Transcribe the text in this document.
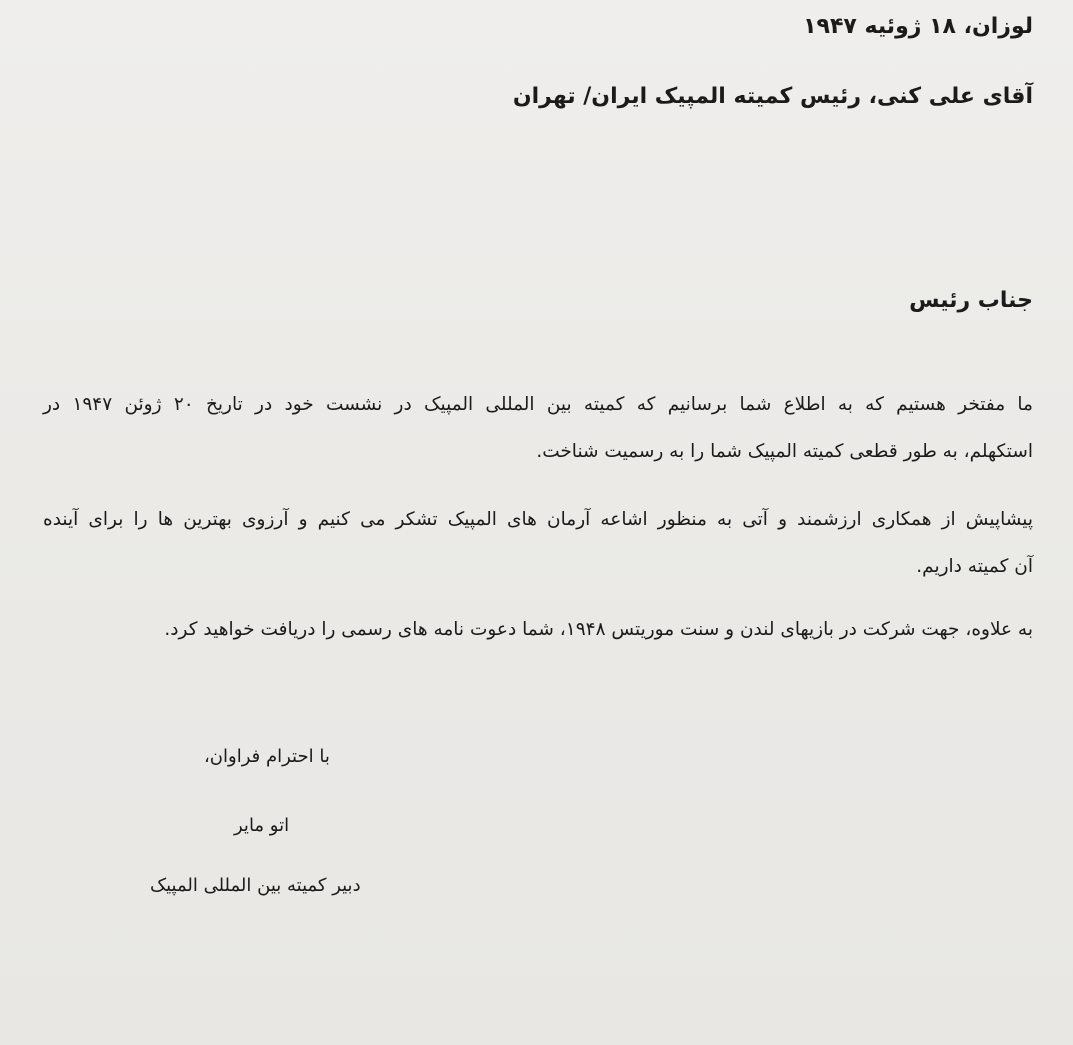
لوزان، ۱۸ ژوئیه ۱۹۴۷
آقای علی کنی، رئیس کمیته المپیک ایران/ تهران
جناب رئیس
ما مفتخر هستیم که به اطلاع شما برسانیم که کمیته بین المللی المپیک در نشست خود در تاریخ ۲۰ ژوئن ۱۹۴۷ در
استکهلم، به طور قطعی کمیته المپیک شما را به رسمیت شناخت.
پیشاپیش از همکاری ارزشمند و آتی به منظور اشاعه آرمان های المپیک تشکر می کنیم و آرزوی بهترین ها را برای آینده
آن کمیته داریم.
به علاوه، جهت شرکت در بازیهای لندن و سنت موریتس ۱۹۴۸، شما دعوت نامه های رسمی را دریافت خواهید کرد.
با احترام فراوان،
اتو مایر
دبیر کمیته بین المللی المپیک
